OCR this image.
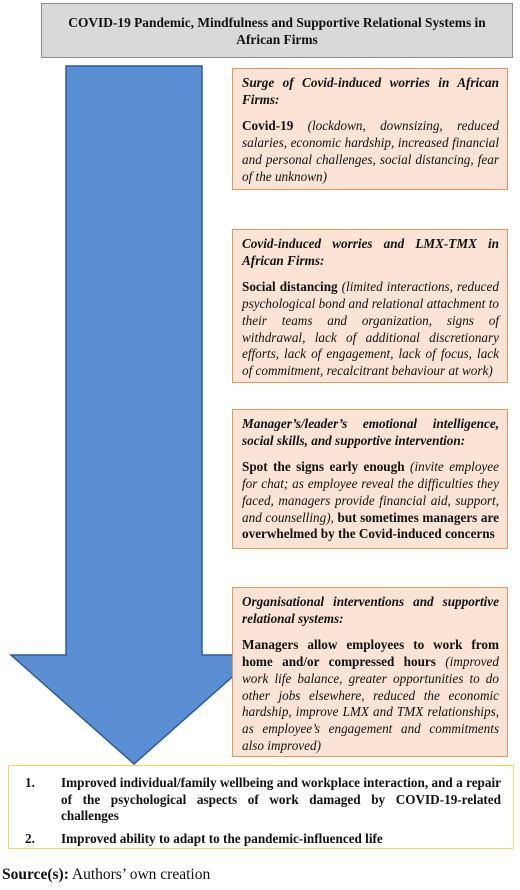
COVID-19 Pandemic, Mindfulness and Supportive Relational Systems in African Firms

Surge of Covid-induced worries in African Firms:

Covid-19 (lockdown, downsizing, reduced salaries, economic hardship, increased financial and personal challenges, social distancing, fear of the unknown)

Covid-induced worries and LMX-TMX in African Firms:

Social distancing (limited interactions, reduced psychological bond and relational attachment to their teams and organization, signs of withdrawal, lack of additional discretionary efforts, lack of engagement, lack of focus, lack of commitment, recalcitrant behaviour at work)

Manager’s/leader’s emotional intelligence, social skills, and supportive intervention:

Spot the signs early enough (invite employee for chat; as employee reveal the difficulties they faced, managers provide financial aid, support, and counselling), but sometimes managers are overwhelmed by the Covid-induced concerns

Organisational interventions and supportive relational systems:

Managers allow employees to work from home and/or compressed hours (improved work life balance, greater opportunities to do other jobs elsewhere, reduced the economic hardship, improve LMX and TMX relationships, as employee’s engagement and commitments also improved)

1.	Improved individual/family wellbeing and workplace interaction, and a repair of the psychological aspects of work damaged by COVID-19-related challenges
2.	Improved ability to adapt to the pandemic-influenced life
Source(s): Authors’ own creation
